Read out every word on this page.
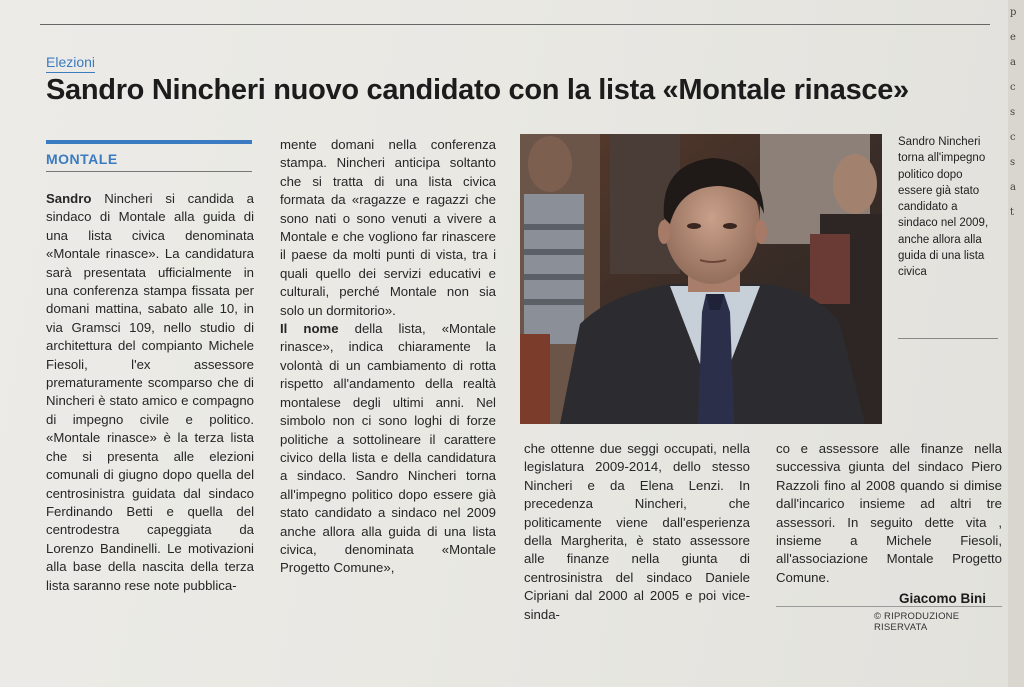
Elezioni
Sandro Nincheri nuovo candidato con la lista «Montale rinasce»
MONTALE

Sandro Nincheri si candida a sindaco di Montale alla guida di una lista civica denominata «Montale rinasce». La candidatura sarà presentata ufficialmente in una conferenza stampa fissata per domani mattina, sabato alle 10, in via Gramsci 109, nello studio di architettura del compianto Michele Fiesoli, l'ex assessore prematuramente scomparso che di Nincheri è stato amico e compagno di impegno civile e politico. «Montale rinasce» è la terza lista che si presenta alle elezioni comunali di giugno dopo quella del centrosinistra guidata dal sindaco Ferdinando Betti e quella del centrodestra capeggiata da Lorenzo Bandinelli. Le motivazioni alla base della nascita della terza lista saranno rese note pubblica-

mente domani nella conferenza stampa. Nincheri anticipa soltanto che si tratta di una lista civica formata da «ragazze e ragazzi che sono nati o sono venuti a vivere a Montale e che vogliono far rinascere il paese da molti punti di vista, tra i quali quello dei servizi educativi e culturali, perché Montale non sia solo un dormitorio».

Il nome della lista, «Montale rinasce», indica chiaramente la volontà di un cambiamento di rotta rispetto all'andamento della realtà montalese degli ultimi anni. Nel simbolo non ci sono loghi di forze politiche a sottolineare il carattere civico della lista e della candidatura a sindaco. Sandro Nincheri torna all'impegno politico dopo essere già stato candidato a sindaco nel 2009 anche allora alla guida di una lista civica, denominata «Montale Progetto Comune»,

Sandro Nincheri torna all'impegno politico dopo essere già stato candidato a sindaco nel 2009, anche allora alla guida di una lista civica

che ottenne due seggi occupati, nella legislatura 2009-2014, dello stesso Nincheri e da Elena Lenzi. In precedenza Nincheri, che politicamente viene dall'esperienza della Margherita, è stato assessore alle finanze nella giunta di centrosinistra del sindaco Daniele Cipriani dal 2000 al 2005 e poi vice-sinda-

co e assessore alle finanze nella successiva giunta del sindaco Piero Razzoli fino al 2008 quando si dimise dall'incarico insieme ad altri tre assessori. In seguito dette vita , insieme a Michele Fiesoli, all'associazione Montale Progetto Comune.

Giacomo Bini
© RIPRODUZIONE RISERVATA
p
e
a
c
s
c
s
a
t
